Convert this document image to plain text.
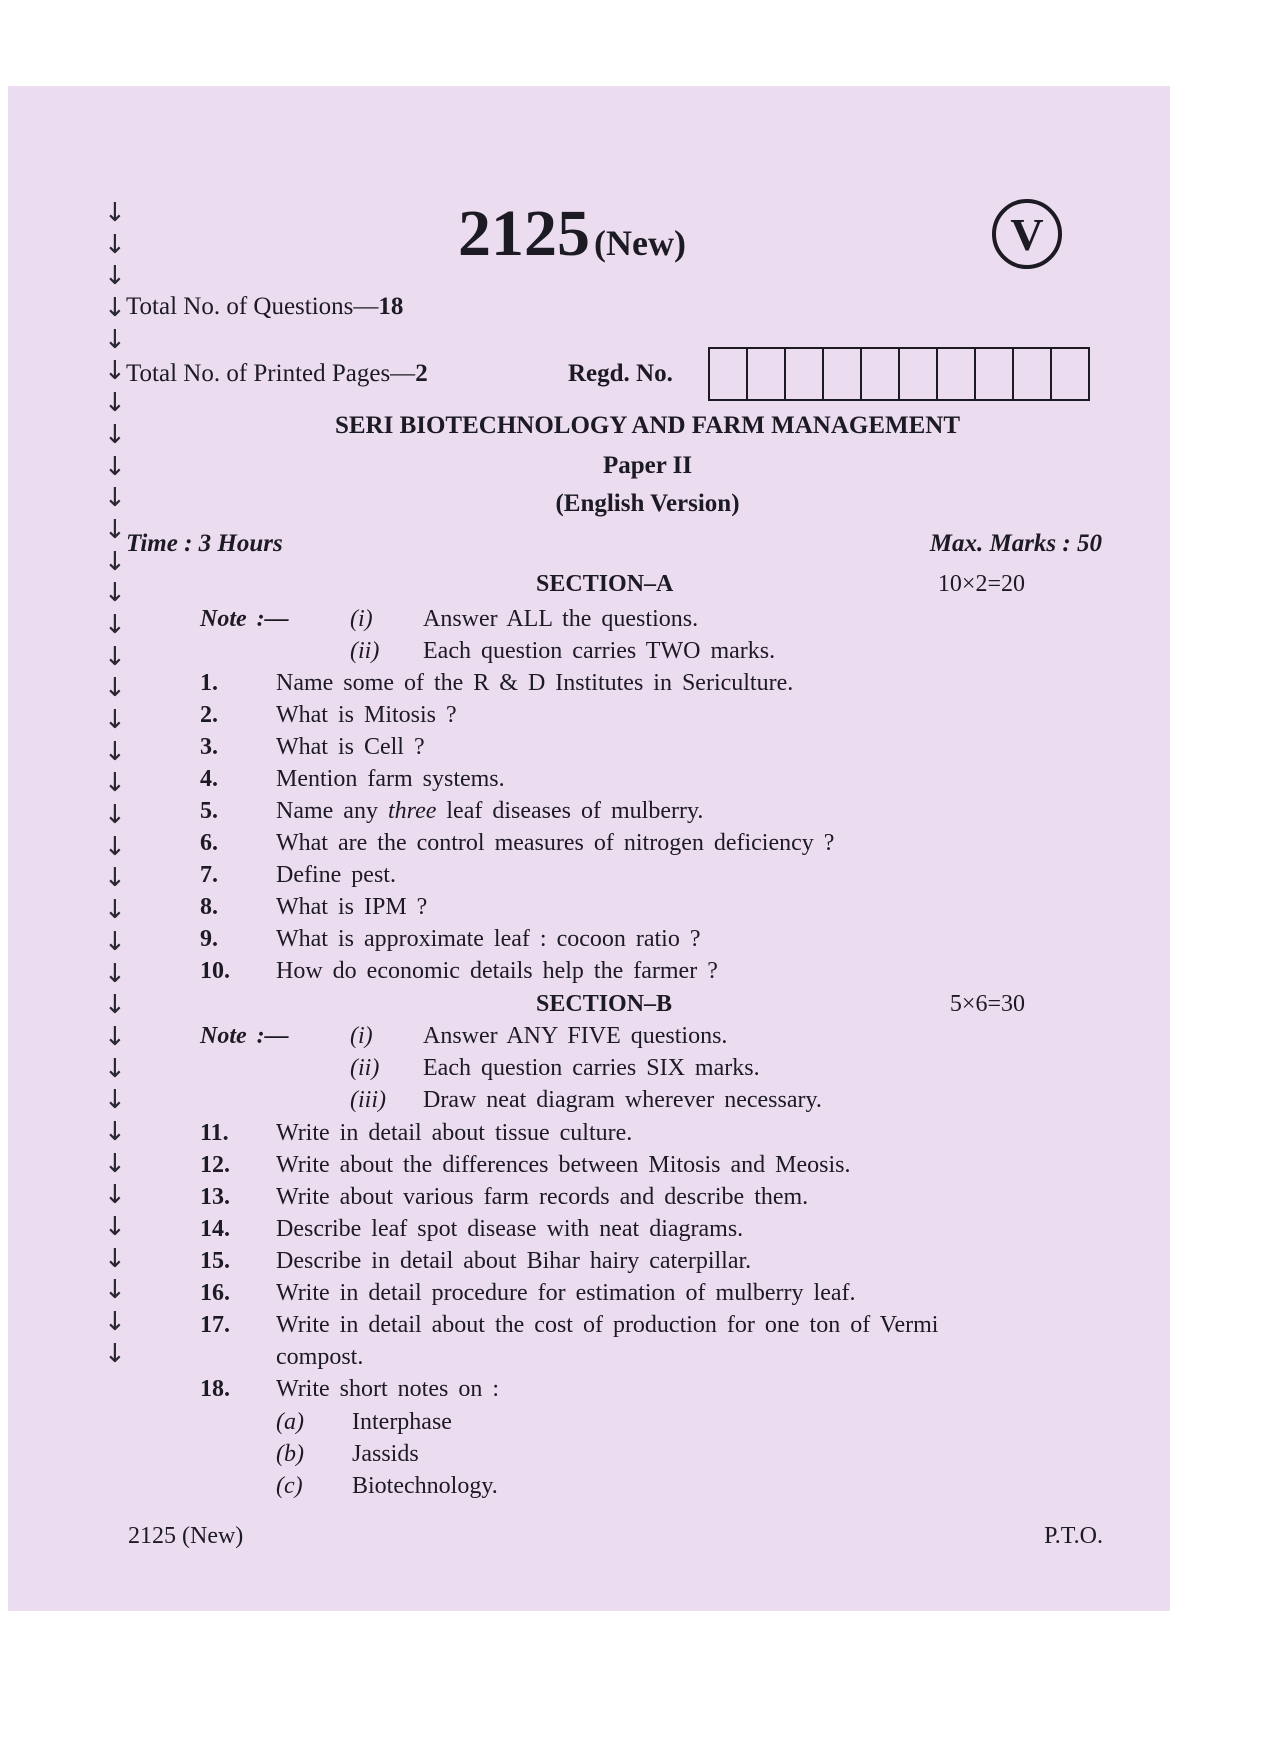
↓
↓
↓
↓
↓
↓
↓
↓
↓
↓
↓
↓
↓
↓
↓
↓
↓
↓
↓
↓
↓
↓
↓
↓
↓
↓
↓
↓
↓
↓
↓
↓
↓
↓
↓
↓
↓
2125 (New)	V
Total No. of Questions—18
Total No. of Printed Pages—2	Regd. No.
SERI BIOTECHNOLOGY AND FARM MANAGEMENT
Paper II
(English Version)
Time : 3 Hours	Max. Marks : 50
SECTION–A	10×2=20
Note :—	(i) Answer ALL the questions.
(ii) Each question carries TWO marks.
1. Name some of the R & D Institutes in Sericulture.
2. What is Mitosis ?
3. What is Cell ?
4. Mention farm systems.
5. Name any three leaf diseases of mulberry.
6. What are the control measures of nitrogen deficiency ?
7. Define pest.
8. What is IPM ?
9. What is approximate leaf : cocoon ratio ?
10. How do economic details help the farmer ?
SECTION–B	5×6=30
Note :—	(i) Answer ANY FIVE questions.
(ii) Each question carries SIX marks.
(iii) Draw neat diagram wherever necessary.
11. Write in detail about tissue culture.
12. Write about the differences between Mitosis and Meosis.
13. Write about various farm records and describe them.
14. Describe leaf spot disease with neat diagrams.
15. Describe in detail about Bihar hairy caterpillar.
16. Write in detail procedure for estimation of mulberry leaf.
17. Write in detail about the cost of production for one ton of Vermi
compost.
18. Write short notes on :
(a) Interphase
(b) Jassids
(c) Biotechnology.
2125 (New)	P.T.O.
